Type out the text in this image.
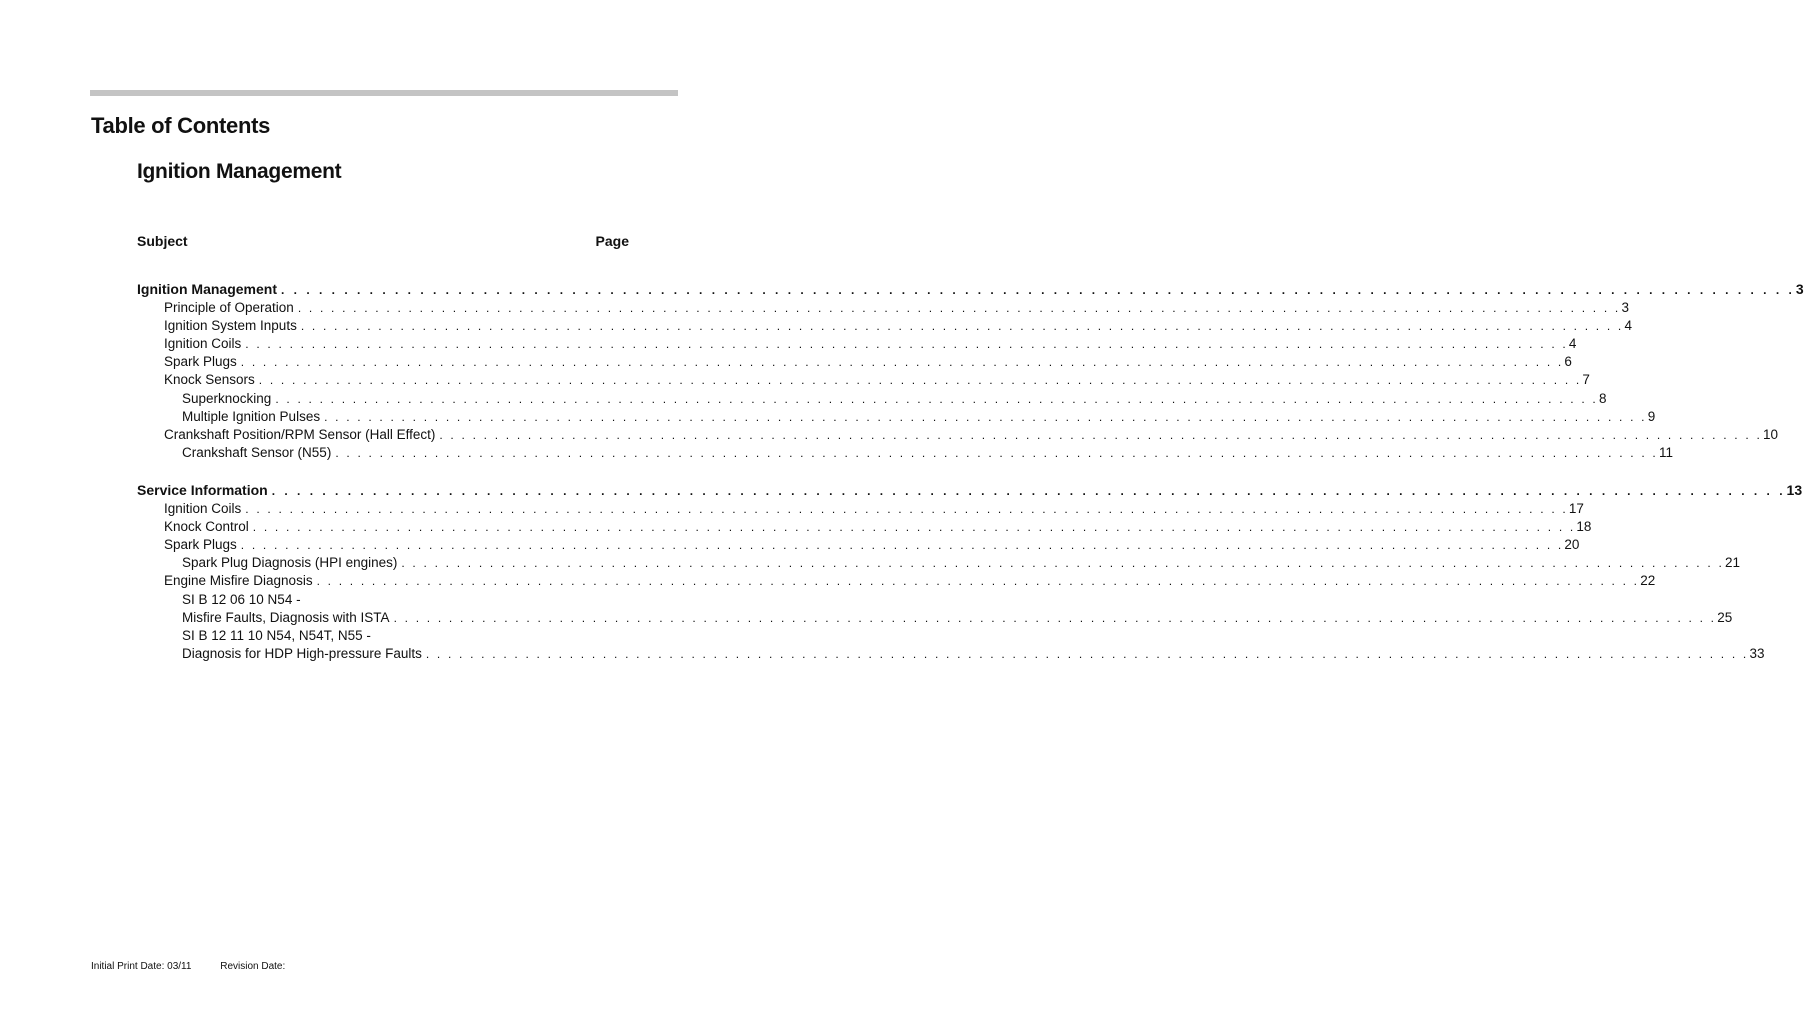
Table of Contents
Ignition Management
Subject	Page
Ignition Management . . . . . . . . . . . . . . . . . . . . . . . . . . . . . . . . . . . . . . . . . . . . . . . . . . . . . . . . . . . . . . . . . . . . . . . . . . . . . . . . . . . . . . . . . . . . . . . . . . . . . . . . . . . . . . . . . . . . . . . . 3
Principle of Operation . . . . . . . . . . . . . . . . . . . . . . . . . . . . . . . . . . . . . . . . . . . . . . . . . . . . . . . . . . . . . . . . . . . . . . . . . . . . . . . . . . . . . . . . . . . . . . . . . . . . . . . . . . . . . . . . . . . . . . . . 3
Ignition System Inputs . . . . . . . . . . . . . . . . . . . . . . . . . . . . . . . . . . . . . . . . . . . . . . . . . . . . . . . . . . . . . . . . . . . . . . . . . . . . . . . . . . . . . . . . . . . . . . . . . . . . . . . . . . . . . . . . . . . . . . . . 4
Ignition Coils . . . . . . . . . . . . . . . . . . . . . . . . . . . . . . . . . . . . . . . . . . . . . . . . . . . . . . . . . . . . . . . . . . . . . . . . . . . . . . . . . . . . . . . . . . . . . . . . . . . . . . . . . . . . . . . . . . . . . . . . 4
Spark Plugs . . . . . . . . . . . . . . . . . . . . . . . . . . . . . . . . . . . . . . . . . . . . . . . . . . . . . . . . . . . . . . . . . . . . . . . . . . . . . . . . . . . . . . . . . . . . . . . . . . . . . . . . . . . . . . . . . . . . . . . . 6
Knock Sensors . . . . . . . . . . . . . . . . . . . . . . . . . . . . . . . . . . . . . . . . . . . . . . . . . . . . . . . . . . . . . . . . . . . . . . . . . . . . . . . . . . . . . . . . . . . . . . . . . . . . . . . . . . . . . . . . . . . . . . . . 7
Superknocking . . . . . . . . . . . . . . . . . . . . . . . . . . . . . . . . . . . . . . . . . . . . . . . . . . . . . . . . . . . . . . . . . . . . . . . . . . . . . . . . . . . . . . . . . . . . . . . . . . . . . . . . . . . . . . . . . . . . . . . . 8
Multiple Ignition Pulses . . . . . . . . . . . . . . . . . . . . . . . . . . . . . . . . . . . . . . . . . . . . . . . . . . . . . . . . . . . . . . . . . . . . . . . . . . . . . . . . . . . . . . . . . . . . . . . . . . . . . . . . . . . . . . . . . . . . . . . . 9
Crankshaft Position/RPM Sensor (Hall Effect) . . . . . . . . . . . . . . . . . . . . . . . . . . . . . . . . . . . . . . . . . . . . . . . . . . . . . . . . . . . . . . . . . . . . . . . . . . . . . . . . . . . . . . . . . . . . . . . . . . . . . . . . . . . . . . . . . . . . . . . . 10
Crankshaft Sensor (N55) . . . . . . . . . . . . . . . . . . . . . . . . . . . . . . . . . . . . . . . . . . . . . . . . . . . . . . . . . . . . . . . . . . . . . . . . . . . . . . . . . . . . . . . . . . . . . . . . . . . . . . . . . . . . . . . . . . . . . . . . 11
Service Information . . . . . . . . . . . . . . . . . . . . . . . . . . . . . . . . . . . . . . . . . . . . . . . . . . . . . . . . . . . . . . . . . . . . . . . . . . . . . . . . . . . . . . . . . . . . . . . . . . . . . . . . . . . . . . . . . . . . . . . . 13
Ignition Coils . . . . . . . . . . . . . . . . . . . . . . . . . . . . . . . . . . . . . . . . . . . . . . . . . . . . . . . . . . . . . . . . . . . . . . . . . . . . . . . . . . . . . . . . . . . . . . . . . . . . . . . . . . . . . . . . . . . . . . . . 17
Knock Control . . . . . . . . . . . . . . . . . . . . . . . . . . . . . . . . . . . . . . . . . . . . . . . . . . . . . . . . . . . . . . . . . . . . . . . . . . . . . . . . . . . . . . . . . . . . . . . . . . . . . . . . . . . . . . . . . . . . . . . . 18
Spark Plugs . . . . . . . . . . . . . . . . . . . . . . . . . . . . . . . . . . . . . . . . . . . . . . . . . . . . . . . . . . . . . . . . . . . . . . . . . . . . . . . . . . . . . . . . . . . . . . . . . . . . . . . . . . . . . . . . . . . . . . . . 20
Spark Plug Diagnosis (HPI engines) . . . . . . . . . . . . . . . . . . . . . . . . . . . . . . . . . . . . . . . . . . . . . . . . . . . . . . . . . . . . . . . . . . . . . . . . . . . . . . . . . . . . . . . . . . . . . . . . . . . . . . . . . . . . . . . . . . . . . . . . 21
Engine Misfire Diagnosis . . . . . . . . . . . . . . . . . . . . . . . . . . . . . . . . . . . . . . . . . . . . . . . . . . . . . . . . . . . . . . . . . . . . . . . . . . . . . . . . . . . . . . . . . . . . . . . . . . . . . . . . . . . . . . . . . . . . . . . . 22
SI B 12 06 10 N54 -
Misfire Faults, Diagnosis with ISTA . . . . . . . . . . . . . . . . . . . . . . . . . . . . . . . . . . . . . . . . . . . . . . . . . . . . . . . . . . . . . . . . . . . . . . . . . . . . . . . . . . . . . . . . . . . . . . . . . . . . . . . . . . . . . . . . . . . . . . . . 25
SI B 12 11 10 N54, N54T, N55 -
Diagnosis for HDP High-pressure Faults . . . . . . . . . . . . . . . . . . . . . . . . . . . . . . . . . . . . . . . . . . . . . . . . . . . . . . . . . . . . . . . . . . . . . . . . . . . . . . . . . . . . . . . . . . . . . . . . . . . . . . . . . . . . . . . . . . . . . . . . 33
Initial Print Date: 03/11	Revision Date:
